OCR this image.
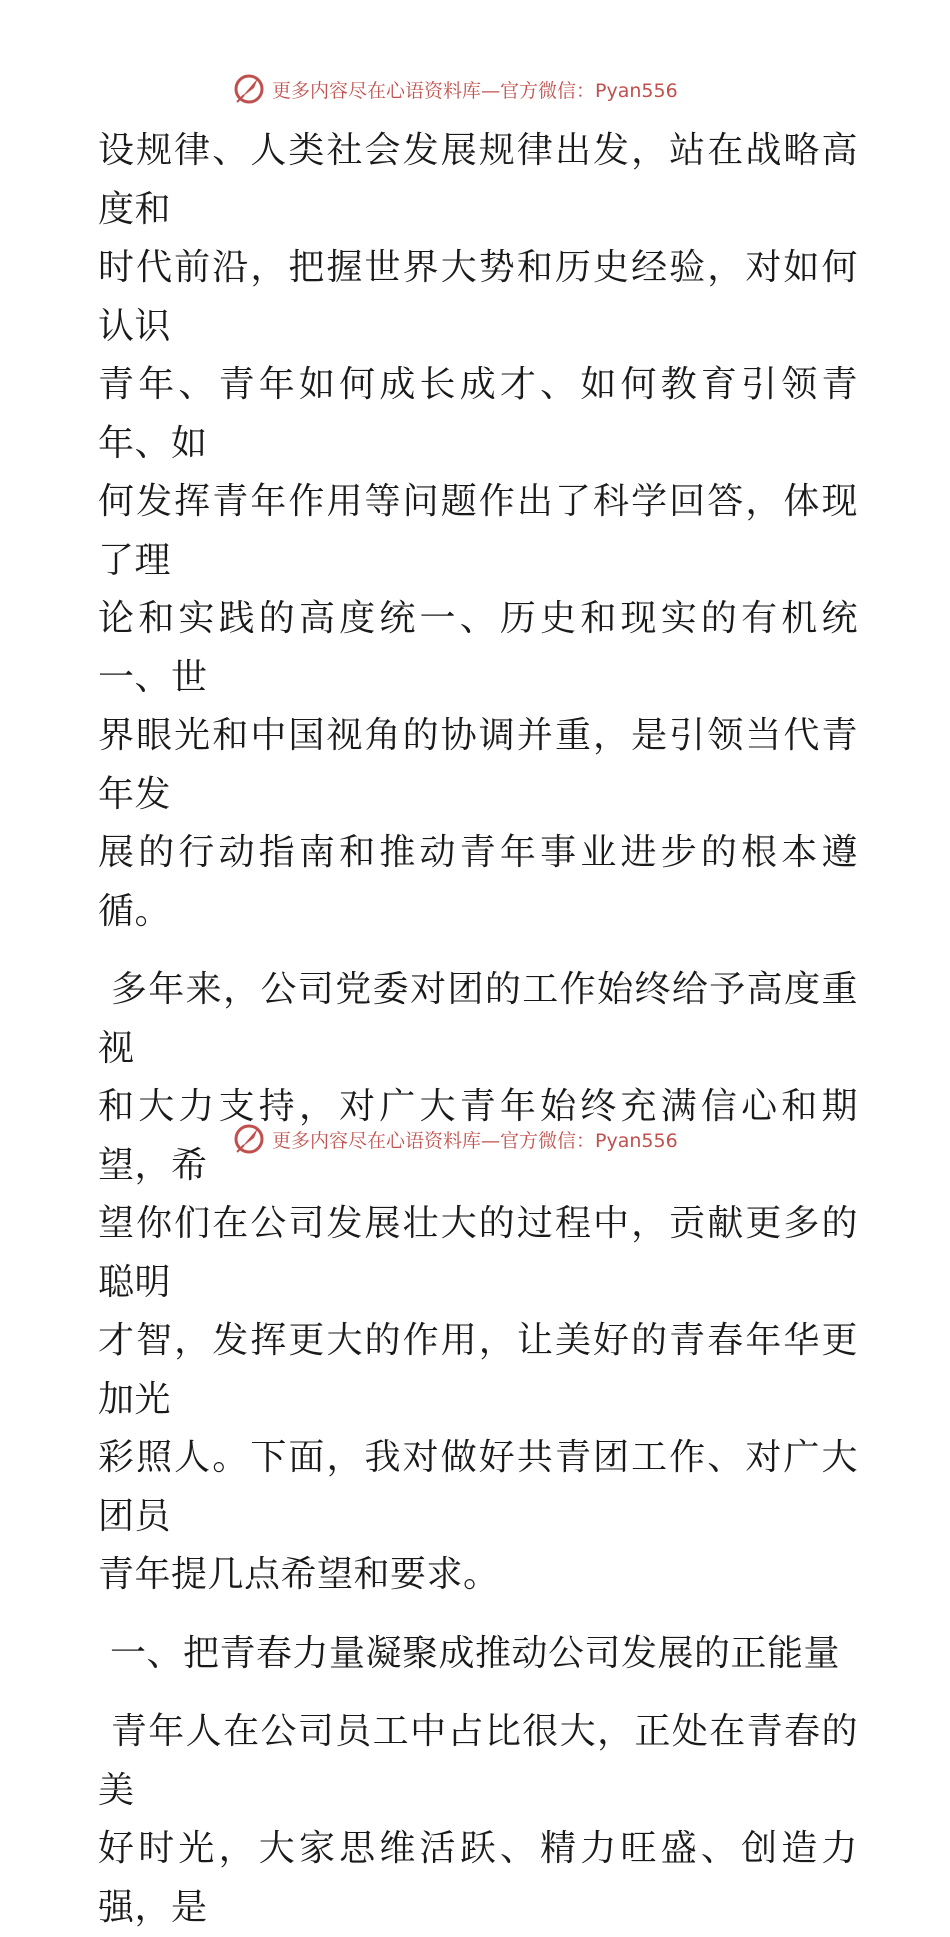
更多内容尽在心语资料库—官方微信：Pyan556

设规律、人类社会发展规律出发，站在战略高度和

时代前沿，把握世界大势和历史经验，对如何认识

青年、青年如何成长成才、如何教育引领青年、如

何发挥青年作用等问题作出了科学回答，体现了理

论和实践的高度统一、历史和现实的有机统一、世

界眼光和中国视角的协调并重，是引领当代青年发

展的行动指南和推动青年事业进步的根本遵循。

多年来，公司党委对团的工作始终给予高度重视

和大力支持，对广大青年始终充满信心和期望，希

望你们在公司发展壮大的过程中，贡献更多的聪明

才智，发挥更大的作用，让美好的青春年华更加光

彩照人。下面，我对做好共青团工作、对广大团员

青年提几点希望和要求。

一、把青春力量凝聚成推动公司发展的正能量

青年人在公司员工中占比很大，正处在青春的美

好时光，大家思维活跃、精力旺盛、创造力强，是

更多内容尽在心语资料库—官方微信：Pyan556
